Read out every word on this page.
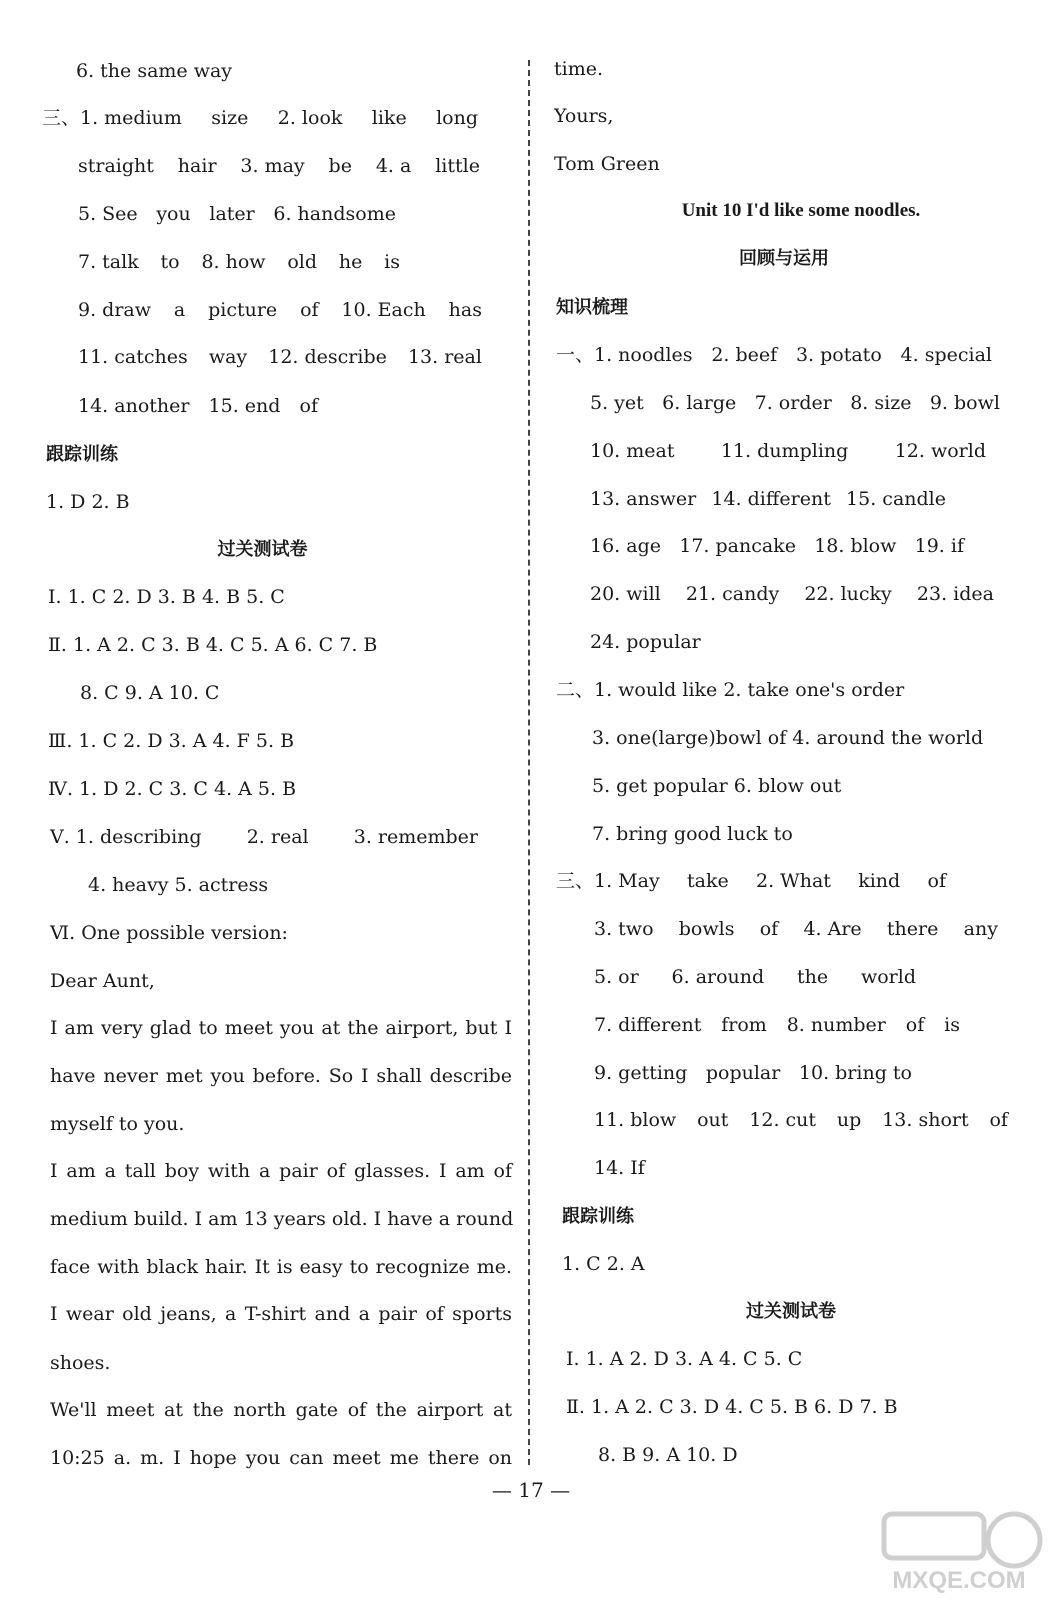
6. the same way
三、1. medium size 2. look like long
straight hair 3. may be 4. a little
5. See you later 6. handsome
7. talk to 8. how old he is
9. draw a picture of 10. Each has
11. catches way 12. describe 13. real
14. another 15. end of
跟踪训练
1. D 2. B
过关测试卷
Ⅰ. 1. C 2. D 3. B 4. B 5. C
Ⅱ. 1. A 2. C 3. B 4. C 5. A 6. C 7. B
8. C 9. A 10. C
Ⅲ. 1. C 2. D 3. A 4. F 5. B
Ⅳ. 1. D 2. C 3. C 4. A 5. B
Ⅴ. 1. describing 2. real 3. remember
4. heavy 5. actress
Ⅵ. One possible version:
Dear Aunt,
I am very glad to meet you at the airport, but I
have never met you before. So I shall describe
myself to you.
I am a tall boy with a pair of glasses. I am of
medium build. I am 13 years old. I have a round
face with black hair. It is easy to recognize me.
I wear old jeans, a T-shirt and a pair of sports
shoes.
We'll meet at the north gate of the airport at
10:25 a. m. I hope you can meet me there on
time.
Yours,
Tom Green
Unit 10 I'd like some noodles.
回顾与运用
知识梳理
一、1. noodles 2. beef 3. potato 4. special
5. yet 6. large 7. order 8. size 9. bowl
10. meat 11. dumpling 12. world
13. answer 14. different 15. candle
16. age 17. pancake 18. blow 19. if
20. will 21. candy 22. lucky 23. idea
24. popular
二、1. would like 2. take one's order
3. one(large)bowl of 4. around the world
5. get popular 6. blow out
7. bring good luck to
三、1. May take 2. What kind of
3. two bowls of 4. Are there any
5. or 6. around the world
7. different from 8. number of is
9. getting popular 10. bring to
11. blow out 12. cut up 13. short of
14. If
跟踪训练
1. C 2. A
过关测试卷
Ⅰ. 1. A 2. D 3. A 4. C 5. C
Ⅱ. 1. A 2. C 3. D 4. C 5. B 6. D 7. B
8. B 9. A 10. D
— 17 —
MXQE.COM
